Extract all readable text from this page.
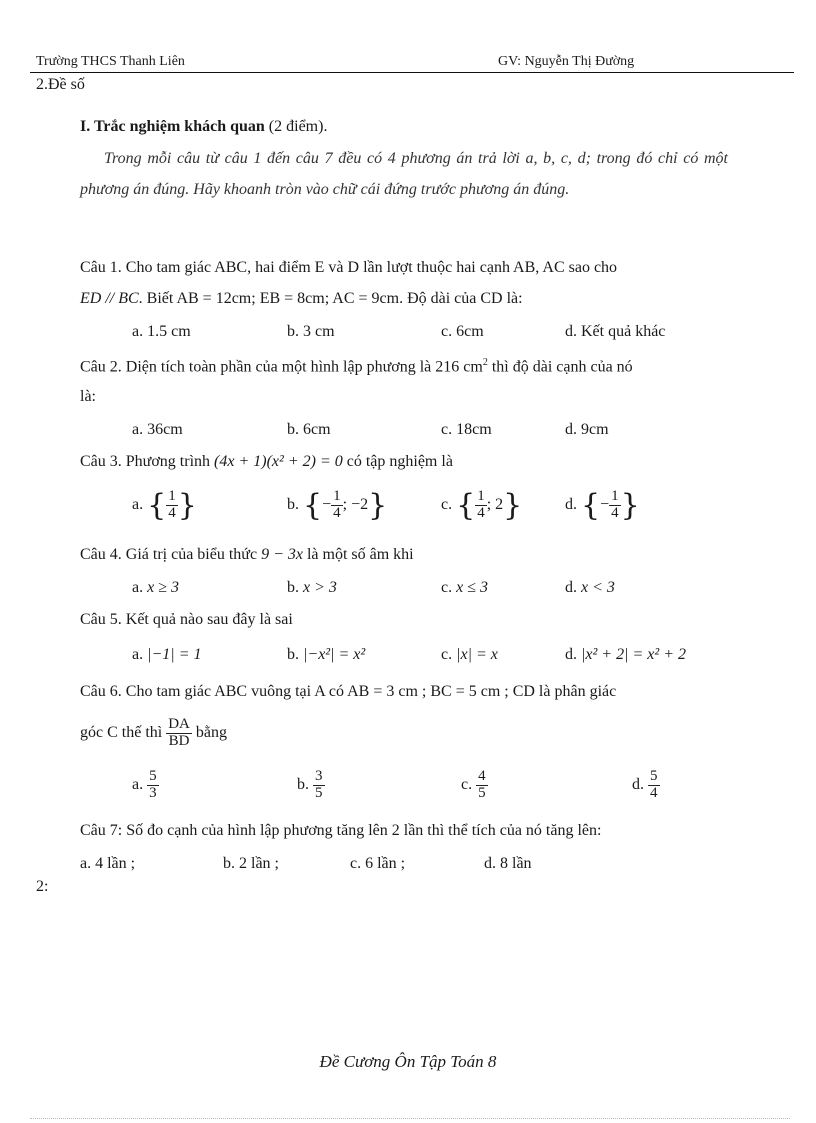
Trường THCS Thanh Liên	GV: Nguyễn Thị Đường
2.Đề số
I. Trắc nghiệm khách quan (2 điểm).
Trong mỗi câu từ câu 1 đến câu 7 đều có 4 phương án trả lời a, b, c, d; trong đó chỉ có một phương án đúng. Hãy khoanh tròn vào chữ cái đứng trước phương án đúng.
Câu 1. Cho tam giác ABC, hai điểm E và D lần lượt thuộc hai cạnh AB, AC sao cho
ED // BC. Biết AB = 12cm; EB = 8cm; AC = 9cm. Độ dài của CD là:
a. 1.5 cm	b. 3 cm	c. 6cm	d. Kết quả khác
Câu 2. Diện tích toàn phần của một hình lập phương là 216 $cm^2$ thì độ dài cạnh của nó
là:
a. 36cm	b. 6cm	c. 18cm	d. 9cm
Câu 3. Phương trình (4x + 1)(x² + 2) = 0 có tập nghiệm là
a. { $\frac{1}{4}$ }	b. {− $\frac{1}{4}$ ; −2}	c. { $\frac{1}{4}$ ; 2}	d. {− $\frac{1}{4}$ }
Câu 4. Giá trị của biểu thức 9 − 3x là một số âm khi
a. x ≥ 3	b. x > 3	c. x ≤ 3	d. x < 3
Câu 5. Kết quả nào sau đây là sai
a. |−1| = 1	b. |−x²| = x²	c. |x| = x	d. |x² + 2| = x² + 2
Câu 6. Cho tam giác ABC vuông tại A có AB = 3 cm ; BC = 5 cm ; CD là phân giác
góc C thế thì $\frac{DA}{BD}$ bằng
a. $\frac{5}{3}$	b. $\frac{3}{5}$	c. $\frac{4}{5}$	d. $\frac{5}{4}$
Câu 7: Số đo cạnh của hình lập phương tăng lên 2 lần thì thể tích của nó tăng lên:
a. 4 lần ;	b. 2 lần ;	c. 6 lần ;	d. 8 lần
2:
Đề Cương Ôn Tập Toán 8
